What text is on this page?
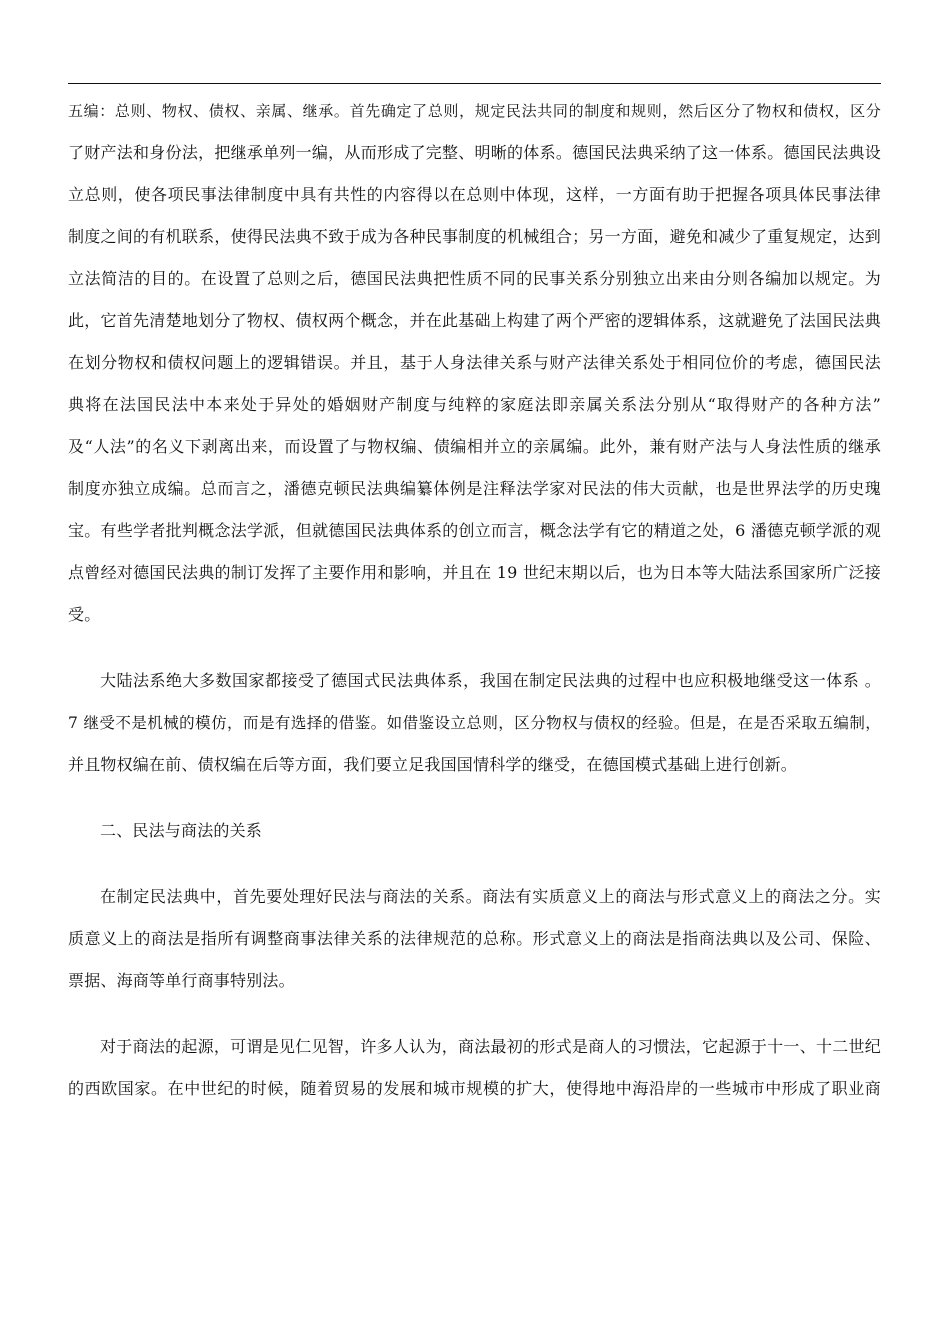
五编：总则、物权、债权、亲属、继承。首先确定了总则，规定民法共同的制度和规则，然后区分了物权和债权，区分
了财产法和身份法，把继承单列一编，从而形成了完整、明晰的体系。德国民法典采纳了这一体系。德国民法典设
立总则，使各项民事法律制度中具有共性的内容得以在总则中体现，这样，一方面有助于把握各项具体民事法律
制度之间的有机联系，使得民法典不致于成为各种民事制度的机械组合；另一方面，避免和减少了重复规定，达到
立法简洁的目的。在设置了总则之后，德国民法典把性质不同的民事关系分别独立出来由分则各编加以规定。为
此，它首先清楚地划分了物权、债权两个概念，并在此基础上构建了两个严密的逻辑体系，这就避免了法国民法典
在划分物权和债权问题上的逻辑错误。并且，基于人身法律关系与财产法律关系处于相同位价的考虑，德国民法
典将在法国民法中本来处于异处的婚姻财产制度与纯粹的家庭法即亲属关系法分别从“取得财产的各种方法”
及“人法”的名义下剥离出来，而设置了与物权编、债编相并立的亲属编。此外，兼有财产法与人身法性质的继承
制度亦独立成编。总而言之，潘德克顿民法典编纂体例是注释法学家对民法的伟大贡献，也是世界法学的历史瑰
宝。有些学者批判概念法学派，但就德国民法典体系的创立而言，概念法学有它的精道之处，6 潘德克顿学派的观
点曾经对德国民法典的制订发挥了主要作用和影响，并且在 19 世纪末期以后，也为日本等大陆法系国家所广泛接
受。
大陆法系绝大多数国家都接受了德国式民法典体系，我国在制定民法典的过程中也应积极地继受这一体系 。
7 继受不是机械的模仿，而是有选择的借鉴。如借鉴设立总则，区分物权与债权的经验。但是，在是否采取五编制，
并且物权编在前、债权编在后等方面，我们要立足我国国情科学的继受，在德国模式基础上进行创新。
二、民法与商法的关系
在制定民法典中，首先要处理好民法与商法的关系。商法有实质意义上的商法与形式意义上的商法之分。实
质意义上的商法是指所有调整商事法律关系的法律规范的总称。形式意义上的商法是指商法典以及公司、保险、
票据、海商等单行商事特别法。
对于商法的起源，可谓是见仁见智，许多人认为，商法最初的形式是商人的习惯法，它起源于十一、十二世纪
的西欧国家。在中世纪的时候，随着贸易的发展和城市规模的扩大，使得地中海沿岸的一些城市中形成了职业商
